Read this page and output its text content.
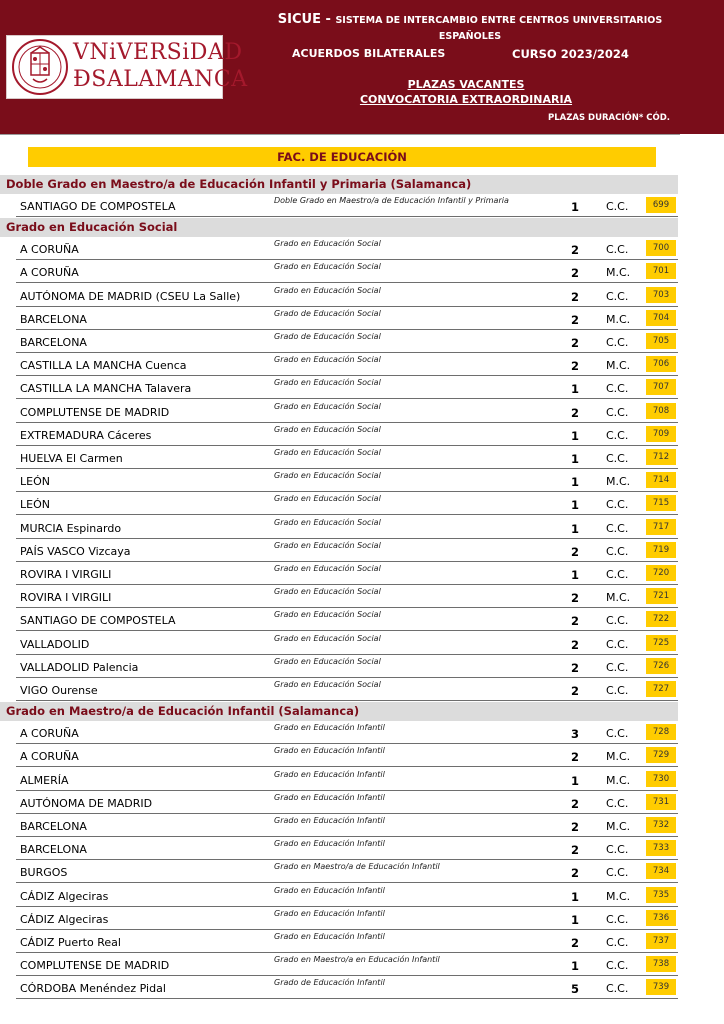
VNiVERSiDAD
ÐSALAMANCA
SICUE - SISTEMA DE INTERCAMBIO ENTRE CENTROS UNIVERSITARIOS
ESPAÑOLES
ACUERDOS BILATERALES	CURSO 2023/2024
PLAZAS VACANTES
CONVOCATORIA EXTRAORDINARIA
PLAZAS DURACIÓN* CÓD.
FAC. DE EDUCACIÓN
Doble Grado en Maestro/a de Educación Infantil y Primaria (Salamanca)
SANTIAGO DE COMPOSTELA	Doble Grado en Maestro/a de Educación Infantil y Primaria	1 C.C.	699
Grado en Educación Social
A CORUÑA	Grado en Educación Social	2 C.C.	700
A CORUÑA	Grado en Educación Social	2 M.C.	701
AUTÓNOMA DE MADRID (CSEU La Salle)	Grado en Educación Social	2 C.C.	703
BARCELONA	Grado de Educación Social	2 M.C.	704
BARCELONA	Grado de Educación Social	2 C.C.	705
CASTILLA LA MANCHA Cuenca	Grado en Educación Social	2 M.C.	706
CASTILLA LA MANCHA Talavera	Grado en Educación Social	1 C.C.	707
COMPLUTENSE DE MADRID	Grado en Educación Social	2 C.C.	708
EXTREMADURA Cáceres	Grado en Educación Social	1 C.C.	709
HUELVA El Carmen	Grado en Educación Social	1 C.C.	712
LEÓN	Grado en Educación Social	1 M.C.	714
LEÓN	Grado en Educación Social	1 C.C.	715
MURCIA Espinardo	Grado en Educación Social	1 C.C.	717
PAÍS VASCO Vizcaya	Grado en Educación Social	2 C.C.	719
ROVIRA I VIRGILI	Grado en Educación Social	1 C.C.	720
ROVIRA I VIRGILI	Grado en Educación Social	2 M.C.	721
SANTIAGO DE COMPOSTELA	Grado en Educación Social	2 C.C.	722
VALLADOLID	Grado en Educación Social	2 C.C.	725
VALLADOLID Palencia	Grado en Educación Social	2 C.C.	726
VIGO Ourense	Grado en Educación Social	2 C.C.	727
Grado en Maestro/a de Educación Infantil (Salamanca)
A CORUÑA	Grado en Educación Infantil	3 C.C.	728
A CORUÑA	Grado en Educación Infantil	2 M.C.	729
ALMERÍA	Grado en Educación Infantil	1 M.C.	730
AUTÓNOMA DE MADRID	Grado en Educación Infantil	2 C.C.	731
BARCELONA	Grado en Educación Infantil	2 M.C.	732
BARCELONA	Grado en Educación Infantil	2 C.C.	733
BURGOS	Grado en Maestro/a de Educación Infantil	2 C.C.	734
CÁDIZ Algeciras	Grado en Educación Infantil	1 M.C.	735
CÁDIZ Algeciras	Grado en Educación Infantil	1 C.C.	736
CÁDIZ Puerto Real	Grado en Educación Infantil	2 C.C.	737
COMPLUTENSE DE MADRID	Grado en Maestro/a en Educación Infantil	1 C.C.	738
CÓRDOBA Menéndez Pidal	Grado de Educación Infantil	5 C.C.	739
